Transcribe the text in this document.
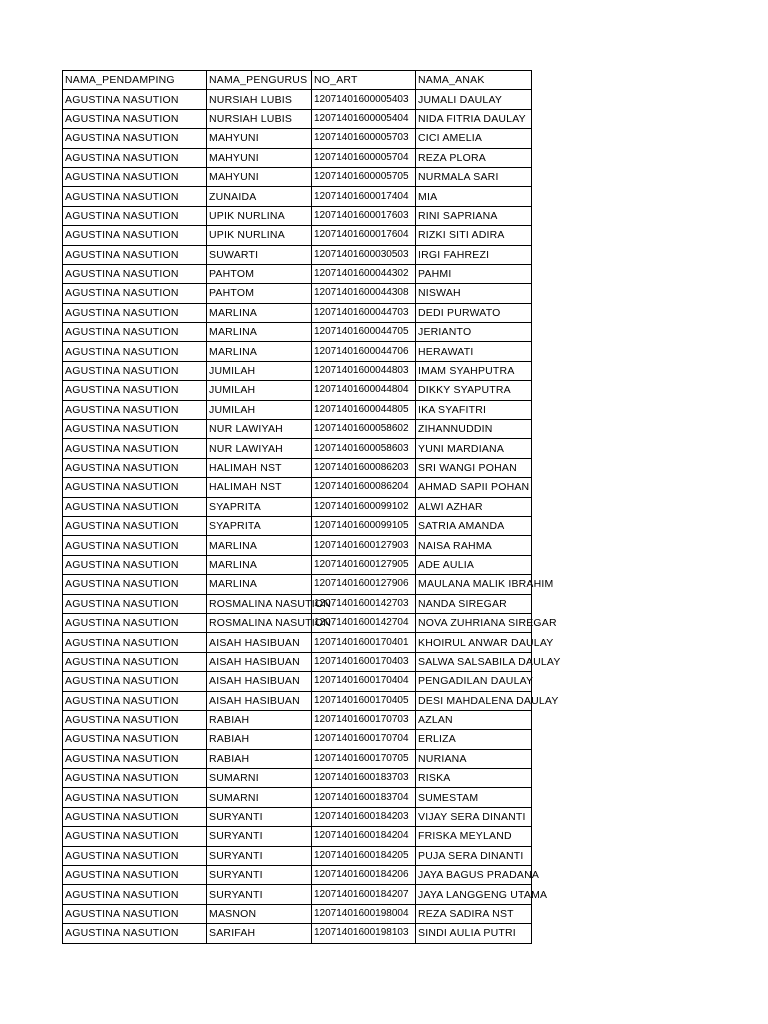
NAMA_PENDAMPING	NAMA_PENGURUS	NO_ART	NAMA_ANAK
AGUSTINA NASUTION	NURSIAH LUBIS	12071401600005403	JUMALI DAULAY
AGUSTINA NASUTION	NURSIAH LUBIS	12071401600005404	NIDA FITRIA DAULAY
AGUSTINA NASUTION	MAHYUNI	12071401600005703	CICI AMELIA
AGUSTINA NASUTION	MAHYUNI	12071401600005704	REZA PLORA
AGUSTINA NASUTION	MAHYUNI	12071401600005705	NURMALA SARI
AGUSTINA NASUTION	ZUNAIDA	12071401600017404	MIA
AGUSTINA NASUTION	UPIK NURLINA	12071401600017603	RINI SAPRIANA
AGUSTINA NASUTION	UPIK NURLINA	12071401600017604	RIZKI SITI ADIRA
AGUSTINA NASUTION	SUWARTI	12071401600030503	IRGI FAHREZI
AGUSTINA NASUTION	PAHTOM	12071401600044302	PAHMI
AGUSTINA NASUTION	PAHTOM	12071401600044308	NISWAH
AGUSTINA NASUTION	MARLINA	12071401600044703	DEDI PURWATO
AGUSTINA NASUTION	MARLINA	12071401600044705	JERIANTO
AGUSTINA NASUTION	MARLINA	12071401600044706	HERAWATI
AGUSTINA NASUTION	JUMILAH	12071401600044803	IMAM SYAHPUTRA
AGUSTINA NASUTION	JUMILAH	12071401600044804	DIKKY SYAPUTRA
AGUSTINA NASUTION	JUMILAH	12071401600044805	IKA SYAFITRI
AGUSTINA NASUTION	NUR LAWIYAH	12071401600058602	ZIHANNUDDIN
AGUSTINA NASUTION	NUR LAWIYAH	12071401600058603	YUNI MARDIANA
AGUSTINA NASUTION	HALIMAH NST	12071401600086203	SRI WANGI POHAN
AGUSTINA NASUTION	HALIMAH NST	12071401600086204	AHMAD SAPII POHAN
AGUSTINA NASUTION	SYAPRITA	12071401600099102	ALWI AZHAR
AGUSTINA NASUTION	SYAPRITA	12071401600099105	SATRIA AMANDA
AGUSTINA NASUTION	MARLINA	12071401600127903	NAISA RAHMA
AGUSTINA NASUTION	MARLINA	12071401600127905	ADE AULIA
AGUSTINA NASUTION	MARLINA	12071401600127906	MAULANA MALIK IBRAHIM
AGUSTINA NASUTION	ROSMALINA NASUTION	12071401600142703	NANDA SIREGAR
AGUSTINA NASUTION	ROSMALINA NASUTION	12071401600142704	NOVA ZUHRIANA SIREGAR
AGUSTINA NASUTION	AISAH HASIBUAN	12071401600170401	KHOIRUL ANWAR DAULAY
AGUSTINA NASUTION	AISAH HASIBUAN	12071401600170403	SALWA SALSABILA DAULAY
AGUSTINA NASUTION	AISAH HASIBUAN	12071401600170404	PENGADILAN DAULAY
AGUSTINA NASUTION	AISAH HASIBUAN	12071401600170405	DESI MAHDALENA DAULAY
AGUSTINA NASUTION	RABIAH	12071401600170703	AZLAN
AGUSTINA NASUTION	RABIAH	12071401600170704	ERLIZA
AGUSTINA NASUTION	RABIAH	12071401600170705	NURIANA
AGUSTINA NASUTION	SUMARNI	12071401600183703	RISKA
AGUSTINA NASUTION	SUMARNI	12071401600183704	SUMESTAM
AGUSTINA NASUTION	SURYANTI	12071401600184203	VIJAY SERA DINANTI
AGUSTINA NASUTION	SURYANTI	12071401600184204	FRISKA MEYLAND
AGUSTINA NASUTION	SURYANTI	12071401600184205	PUJA SERA DINANTI
AGUSTINA NASUTION	SURYANTI	12071401600184206	JAYA BAGUS PRADANA
AGUSTINA NASUTION	SURYANTI	12071401600184207	JAYA LANGGENG UTAMA
AGUSTINA NASUTION	MASNON	12071401600198004	REZA SADIRA NST
AGUSTINA NASUTION	SARIFAH	12071401600198103	SINDI AULIA PUTRI
